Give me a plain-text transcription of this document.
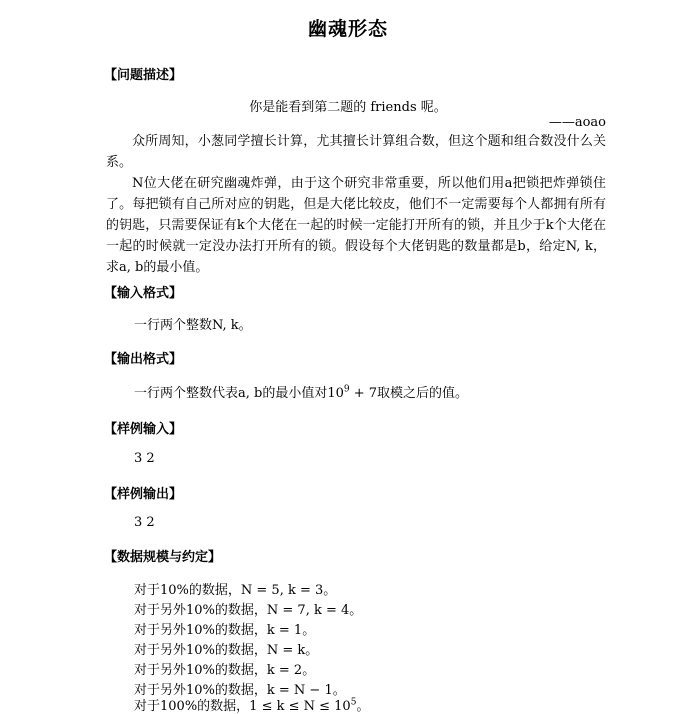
幽魂形态
【问题描述】
你是能看到第二题的 friends 呢。
——aoao

众所周知，小葱同学擅长计算，尤其擅长计算组合数，但这个题和组合数没什么关系。

N位大佬在研究幽魂炸弹，由于这个研究非常重要，所以他们用a把锁把炸弹锁住了。每把锁有自己所对应的钥匙，但是大佬比较皮，他们不一定需要每个人都拥有所有的钥匙，只需要保证有k个大佬在一起的时候一定能打开所有的锁，并且少于k个大佬在一起的时候就一定没办法打开所有的锁。假设每个大佬钥匙的数量都是b，给定N, k，求a, b的最小值。

【输入格式】
一行两个整数N, k。
【输出格式】
一行两个整数代表a, b的最小值对$10^9 + 7$取模之后的值。
【样例输入】
3 2
【样例输出】
3 2
【数据规模与约定】
对于10%的数据，N = 5, k = 3。
对于另外10%的数据，N = 7, k = 4。
对于另外10%的数据，k = 1。
对于另外10%的数据，N = k。
对于另外10%的数据，k = 2。
对于另外10%的数据，k = N − 1。
对于100%的数据，$1 \le k \le N \le 10^5$。
